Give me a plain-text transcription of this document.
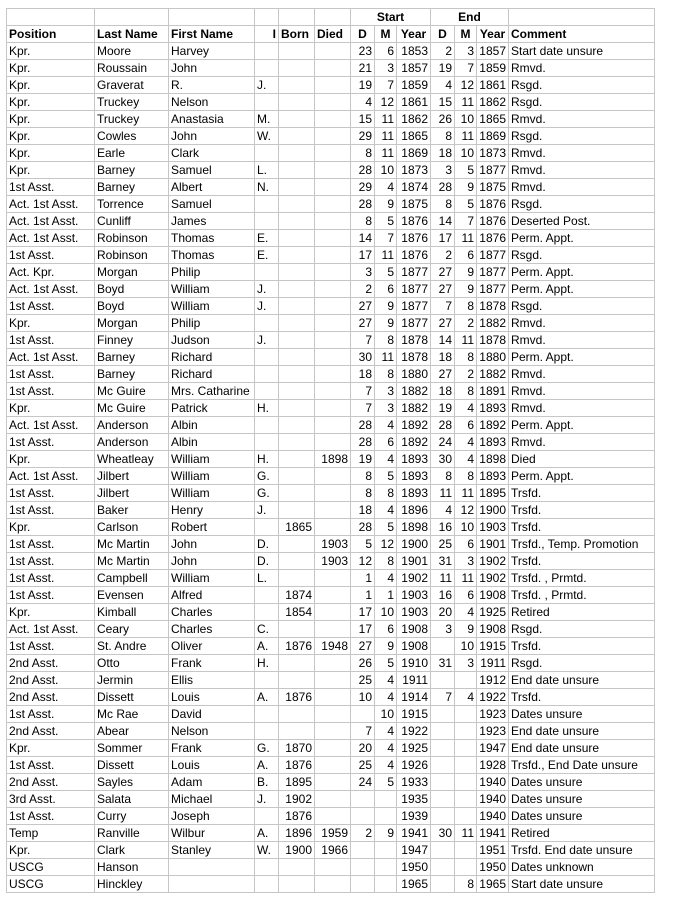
						Start			End			
Position	Last Name	First Name	I	Born	Died	D	M	Year	D	M	Year	Comment
Kpr.	Moore	Harvey				23	6	1853	2	3	1857	Start date unsure
Kpr.	Roussain	John				21	3	1857	19	7	1859	Rmvd.
Kpr.	Graverat	R.	J.			19	7	1859	4	12	1861	Rsgd.
Kpr.	Truckey	Nelson				4	12	1861	15	11	1862	Rsgd.
Kpr.	Truckey	Anastasia	M.			15	11	1862	26	10	1865	Rmvd.
Kpr.	Cowles	John	W.			29	11	1865	8	11	1869	Rsgd.
Kpr.	Earle	Clark				8	11	1869	18	10	1873	Rmvd.
Kpr.	Barney	Samuel	L.			28	10	1873	3	5	1877	Rmvd.
1st Asst.	Barney	Albert	N.			29	4	1874	28	9	1875	Rmvd.
Act. 1st Asst.	Torrence	Samuel				28	9	1875	8	5	1876	Rsgd.
Act. 1st Asst.	Cunliff	James				8	5	1876	14	7	1876	Deserted Post.
Act. 1st Asst.	Robinson	Thomas	E.			14	7	1876	17	11	1876	Perm. Appt.
1st Asst.	Robinson	Thomas	E.			17	11	1876	2	6	1877	Rsgd.
Act. Kpr.	Morgan	Philip				3	5	1877	27	9	1877	Perm. Appt.
Act. 1st Asst.	Boyd	William	J.			2	6	1877	27	9	1877	Perm. Appt.
1st Asst.	Boyd	William	J.			27	9	1877	7	8	1878	Rsgd.
Kpr.	Morgan	Philip				27	9	1877	27	2	1882	Rmvd.
1st Asst.	Finney	Judson	J.			7	8	1878	14	11	1878	Rmvd.
Act. 1st Asst.	Barney	Richard				30	11	1878	18	8	1880	Perm. Appt.
1st Asst.	Barney	Richard				18	8	1880	27	2	1882	Rmvd.
1st Asst.	Mc Guire	Mrs. Catharine				7	3	1882	18	8	1891	Rmvd.
Kpr.	Mc Guire	Patrick	H.			7	3	1882	19	4	1893	Rmvd.
Act. 1st Asst.	Anderson	Albin				28	4	1892	28	6	1892	Perm. Appt.
1st Asst.	Anderson	Albin				28	6	1892	24	4	1893	Rmvd.
Kpr.	Wheatleay	William	H.		1898	19	4	1893	30	4	1898	Died
Act. 1st Asst.	Jilbert	William	G.			8	5	1893	8	8	1893	Perm. Appt.
1st Asst.	Jilbert	William	G.			8	8	1893	11	11	1895	Trsfd.
1st Asst.	Baker	Henry	J.			18	4	1896	4	12	1900	Trsfd.
Kpr.	Carlson	Robert		1865		28	5	1898	16	10	1903	Trsfd.
1st Asst.	Mc Martin	John	D.		1903	5	12	1900	25	6	1901	Trsfd., Temp. Promotion
1st Asst.	Mc Martin	John	D.		1903	12	8	1901	31	3	1902	Trsfd.
1st Asst.	Campbell	William	L.			1	4	1902	11	11	1902	Trsfd. , Prmtd.
1st Asst.	Evensen	Alfred		1874		1	1	1903	16	6	1908	Trsfd. , Prmtd.
Kpr.	Kimball	Charles		1854		17	10	1903	20	4	1925	Retired
Act. 1st Asst.	Ceary	Charles	C.			17	6	1908	3	9	1908	Rsgd.
1st Asst.	St. Andre	Oliver	A.	1876	1948	27	9	1908		10	1915	Trsfd.
2nd Asst.	Otto	Frank	H.			26	5	1910	31	3	1911	Rsgd.
2nd Asst.	Jermin	Ellis				25	4	1911			1912	End date unsure
2nd Asst.	Dissett	Louis	A.	1876		10	4	1914	7	4	1922	Trsfd.
1st Asst.	Mc Rae	David					10	1915			1923	Dates unsure
2nd Asst.	Abear	Nelson				7	4	1922			1923	End date unsure
Kpr.	Sommer	Frank	G.	1870		20	4	1925			1947	End date unsure
1st Asst.	Dissett	Louis	A.	1876		25	4	1926			1928	Trsfd., End Date unsure
2nd Asst.	Sayles	Adam	B.	1895		24	5	1933			1940	Dates unsure
3rd Asst.	Salata	Michael	J.	1902				1935			1940	Dates unsure
1st Asst.	Curry	Joseph		1876				1939			1940	Dates unsure
Temp	Ranville	Wilbur	A.	1896	1959	2	9	1941	30	11	1941	Retired
Kpr.	Clark	Stanley	W.	1900	1966			1947			1951	Trsfd. End date unsure
USCG	Hanson							1950			1950	Dates unknown
USCG	Hinckley							1965		8	1965	Start date unsure
